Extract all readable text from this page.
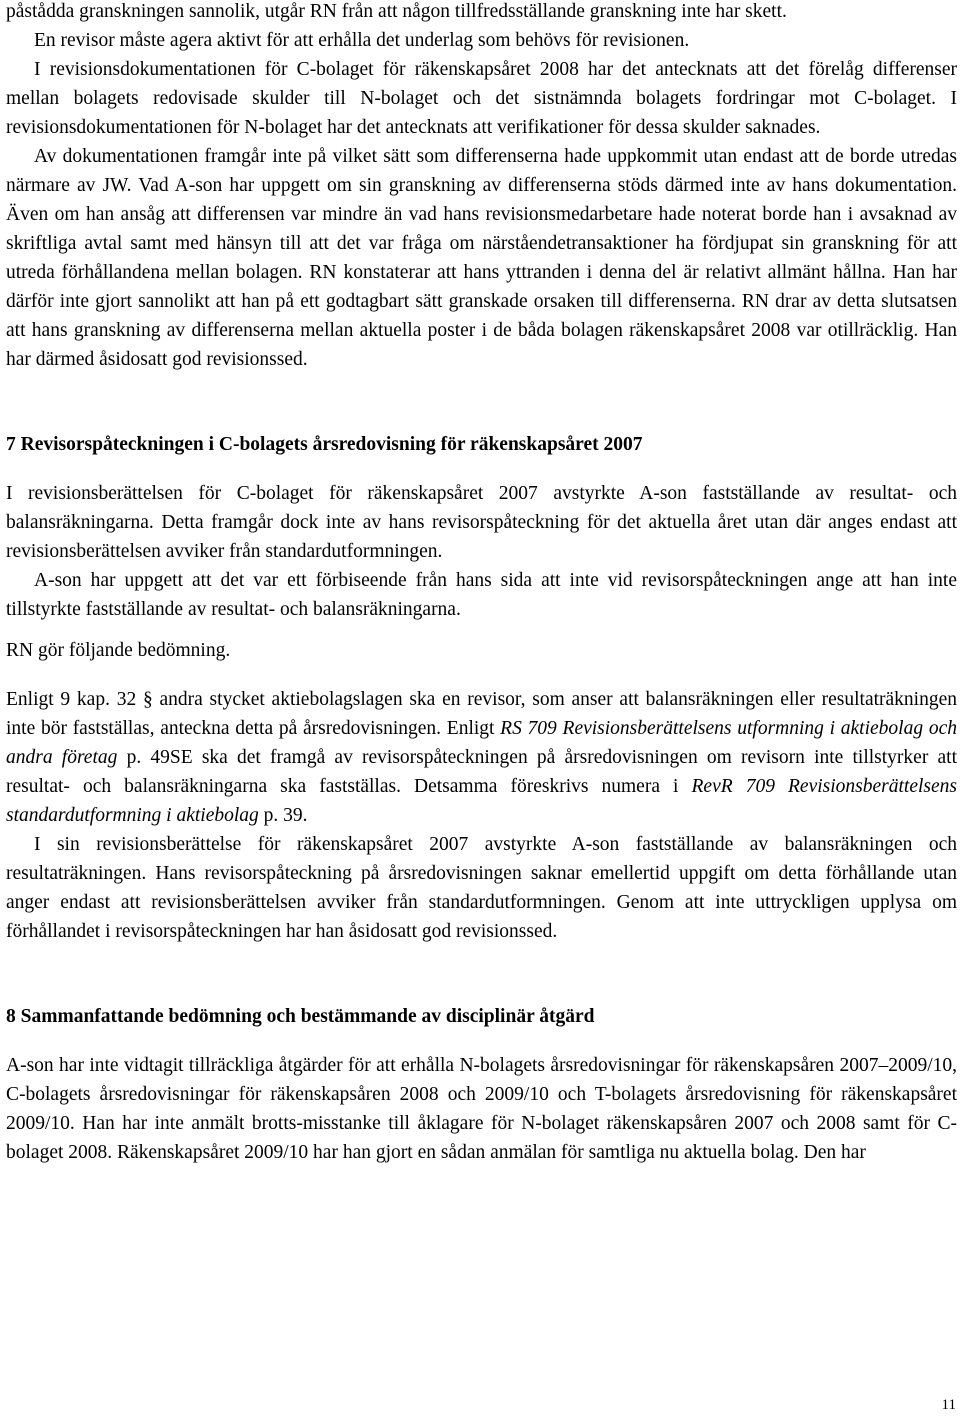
påstådda granskningen sannolik, utgår RN från att någon tillfredsställande granskning inte har skett.

En revisor måste agera aktivt för att erhålla det underlag som behövs för revisionen.

I revisionsdokumentationen för C-bolaget för räkenskapsåret 2008 har det antecknats att det förelåg differenser mellan bolagets redovisade skulder till N-bolaget och det sistnämnda bolagets fordringar mot C-bolaget. I revisionsdokumentationen för N-bolaget har det antecknats att verifikationer för dessa skulder saknades.

Av dokumentationen framgår inte på vilket sätt som differenserna hade uppkommit utan endast att de borde utredas närmare av JW. Vad A-son har uppgett om sin granskning av differenserna stöds därmed inte av hans dokumentation. Även om han ansåg att differensen var mindre än vad hans revisionsmedarbetare hade noterat borde han i avsaknad av skriftliga avtal samt med hänsyn till att det var fråga om närståendetransaktioner ha fördjupat sin granskning för att utreda förhållandena mellan bolagen. RN konstaterar att hans yttranden i denna del är relativt allmänt hållna. Han har därför inte gjort sannolikt att han på ett godtagbart sätt granskade orsaken till differenserna. RN drar av detta slutsatsen att hans granskning av differenserna mellan aktuella poster i de båda bolagen räkenskapsåret 2008 var otillräcklig. Han har därmed åsidosatt god revisionssed.

7 Revisorspåteckningen i C-bolagets årsredovisning för räkenskapsåret 2007

I revisionsberättelsen för C-bolaget för räkenskapsåret 2007 avstyrkte A-son fastställande av resultat- och balansräkningarna. Detta framgår dock inte av hans revisorspåteckning för det aktuella året utan där anges endast att revisionsberättelsen avviker från standardutformningen.

A-son har uppgett att det var ett förbiseende från hans sida att inte vid revisorspåteckningen ange att han inte tillstyrkte fastställande av resultat- och balansräkningarna.

RN gör följande bedömning.

Enligt 9 kap. 32 § andra stycket aktiebolagslagen ska en revisor, som anser att balansräkningen eller resultaträkningen inte bör fastställas, anteckna detta på årsredovisningen. Enligt RS 709 Revisionsberättelsens utformning i aktiebolag och andra företag p. 49SE ska det framgå av revisorspåteckningen på årsredovisningen om revisorn inte tillstyrker att resultat- och balansräkningarna ska fastställas. Detsamma föreskrivs numera i RevR 709 Revisionsberättelsens standardutformning i aktiebolag p. 39.

I sin revisionsberättelse för räkenskapsåret 2007 avstyrkte A-son fastställande av balansräkningen och resultaträkningen. Hans revisorspåteckning på årsredovisningen saknar emellertid uppgift om detta förhållande utan anger endast att revisionsberättelsen avviker från standardutformningen. Genom att inte uttryckligen upplysa om förhållandet i revisorspåteckningen har han åsidosatt god revisionssed.

8 Sammanfattande bedömning och bestämmande av disciplinär åtgärd

A-son har inte vidtagit tillräckliga åtgärder för att erhålla N-bolagets årsredovisningar för räkenskapsåren 2007–2009/10, C-bolagets årsredovisningar för räkenskapsåren 2008 och 2009/10 och T-bolagets årsredovisning för räkenskapsåret 2009/10. Han har inte anmält brotts-misstanke till åklagare för N-bolaget räkenskapsåren 2007 och 2008 samt för C-bolaget 2008. Räkenskapsåret 2009/10 har han gjort en sådan anmälan för samtliga nu aktuella bolag. Den har

11
